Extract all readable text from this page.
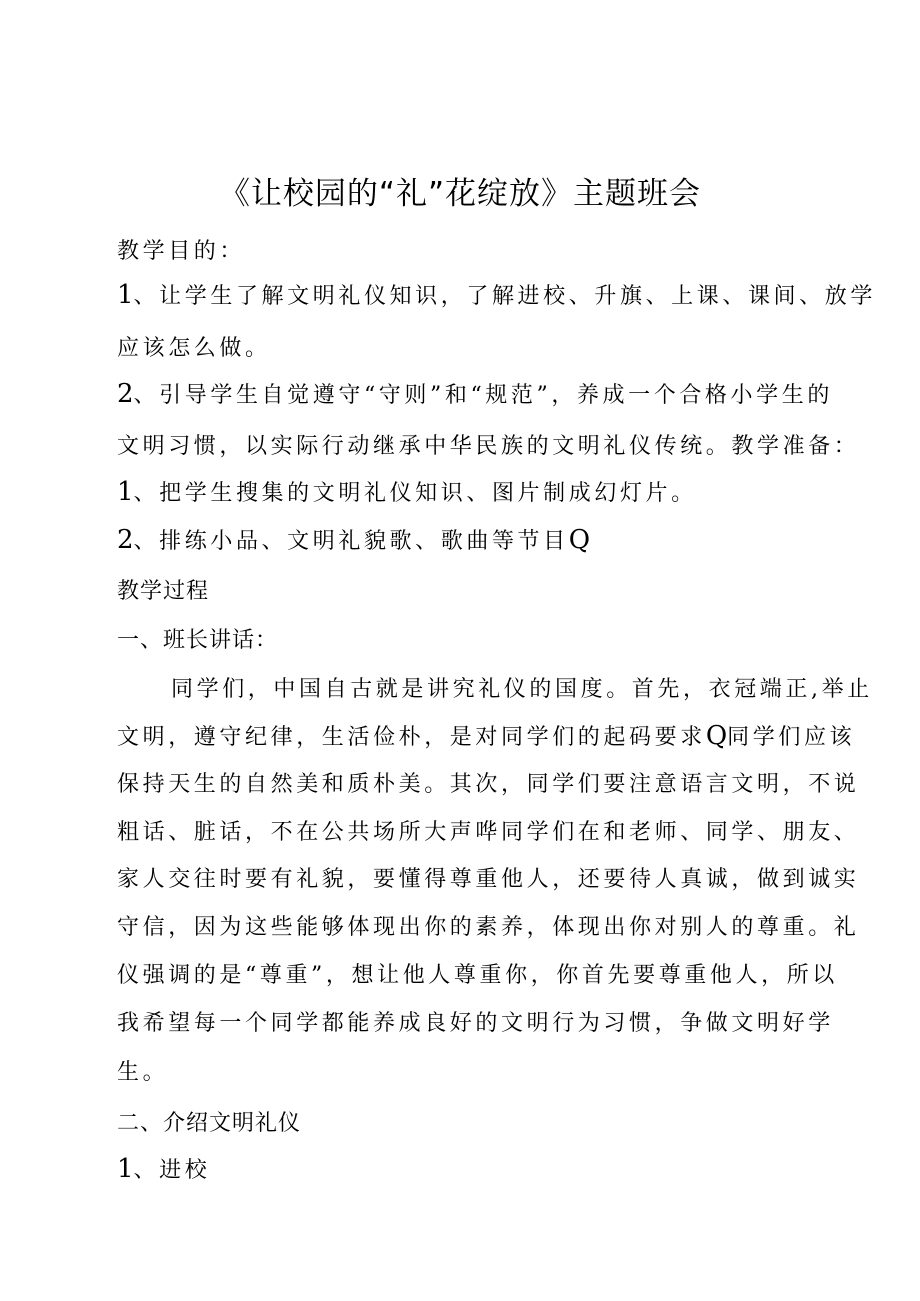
《让校园的“礼”花绽放》主题班会
教学目的：
1、让学生了解文明礼仪知识，了解进校、升旗、上课、课间、放学
应该怎么做。
2、引导学生自觉遵守“守则”和“规范”，养成一个合格小学生的
文明习惯，以实际行动继承中华民族的文明礼仪传统。教学准备：
1、把学生搜集的文明礼仪知识、图片制成幻灯片。
2、排练小品、文明礼貌歌、歌曲等节目Q
教学过程
一、班长讲话：
同学们，中国自古就是讲究礼仪的国度。首先，衣冠端正,举止
文明，遵守纪律，生活俭朴，是对同学们的起码要求Q同学们应该
保持天生的自然美和质朴美。其次，同学们要注意语言文明，不说
粗话、脏话，不在公共场所大声哗同学们在和老师、同学、朋友、
家人交往时要有礼貌，要懂得尊重他人，还要待人真诚，做到诚实
守信，因为这些能够体现出你的素养，体现出你对别人的尊重。礼
仪强调的是“尊重”，想让他人尊重你，你首先要尊重他人，所以
我希望每一个同学都能养成良好的文明行为习惯，争做文明好学
生。
二、介绍文明礼仪
1、进校
